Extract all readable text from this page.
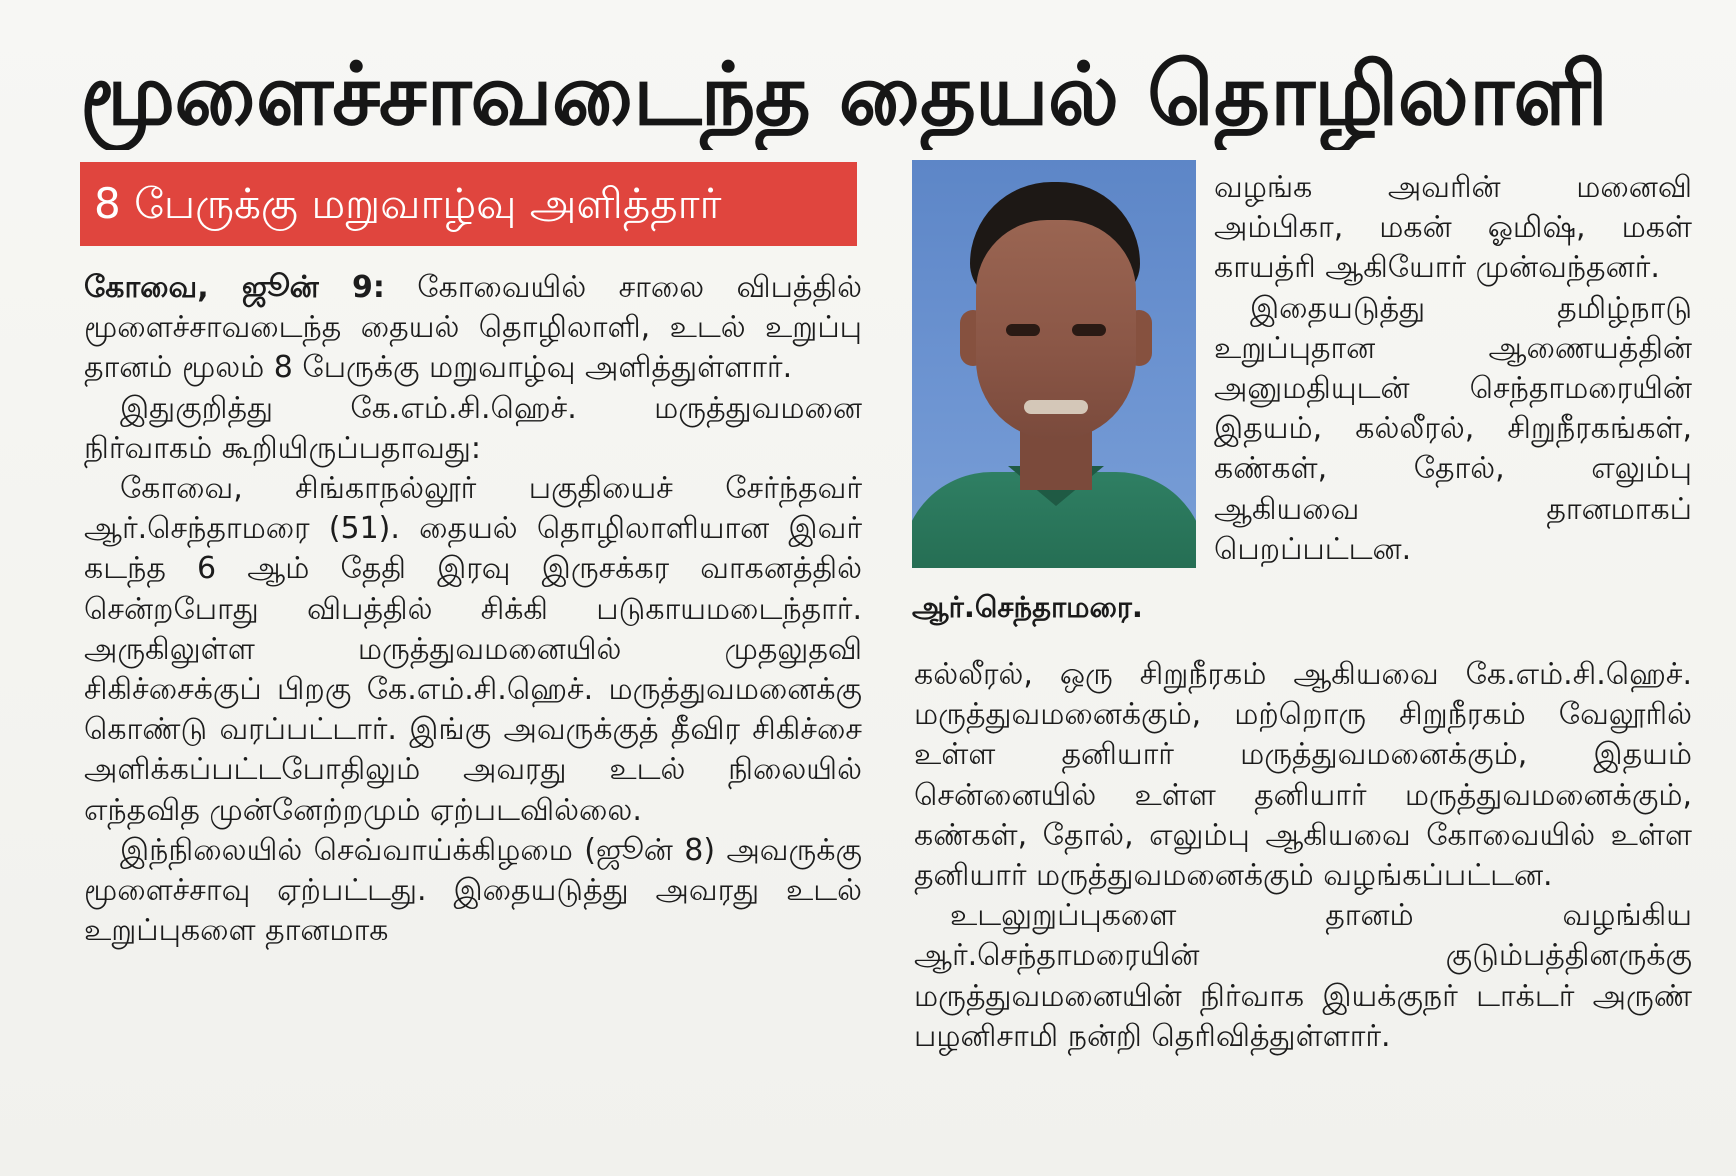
மூளைச்சாவடைந்த தையல் தொழிலாளி
8 பேருக்கு மறுவாழ்வு அளித்தார்

கோவை, ஜூன் 9: கோவையில் சாலை விபத்தில் மூளைச்சாவடைந்த தையல் தொழிலாளி, உடல் உறுப்பு தானம் மூலம் 8 பேருக்கு மறுவாழ்வு அளித்துள்ளார்.

இதுகுறித்து கே.எம்.சி.ஹெச். மருத்துவமனை நிர்வாகம் கூறியிருப்பதாவது:

கோவை, சிங்காநல்லூர் பகுதியைச் சேர்ந்தவர் ஆர்.செந்தாமரை (51). தையல் தொழிலாளியான இவர் கடந்த 6 ஆம் தேதி இரவு இருசக்கர வாகனத்தில் சென்றபோது விபத்தில் சிக்கி படுகாயமடைந்தார். அருகிலுள்ள மருத்துவமனையில் முதலுதவி சிகிச்சைக்குப் பிறகு கே.எம்.சி.ஹெச். மருத்துவமனைக்கு கொண்டு வரப்பட்டார். இங்கு அவருக்குத் தீவிர சிகிச்சை அளிக்கப்பட்டபோதிலும் அவரது உடல் நிலையில் எந்தவித முன்னேற்றமும் ஏற்படவில்லை.

இந்நிலையில் செவ்வாய்க்கிழமை (ஜூன் 8) அவருக்கு மூளைச்சாவு ஏற்பட்டது. இதையடுத்து அவரது உடல் உறுப்புகளை தானமாக

ஆர்.செந்தாமரை.

வழங்க அவரின் மனைவி அம்பிகா, மகன் ஓமிஷ், மகள் காயத்ரி ஆகியோர் முன்வந்தனர்.

இதையடுத்து தமிழ்நாடு உறுப்புதான ஆணையத்தின் அனுமதியுடன் செந்தாமரையின் இதயம், கல்லீரல், சிறுநீரகங்கள், கண்கள், தோல், எலும்பு ஆகியவை தானமாகப் பெறப்பட்டன.

கல்லீரல், ஒரு சிறுநீரகம் ஆகியவை கே.எம்.சி.ஹெச். மருத்துவமனைக்கும், மற்றொரு சிறுநீரகம் வேலூரில் உள்ள தனியார் மருத்துவமனைக்கும், இதயம் சென்னையில் உள்ள தனியார் மருத்துவமனைக்கும், கண்கள், தோல், எலும்பு ஆகியவை கோவையில் உள்ள தனியார் மருத்துவமனைக்கும் வழங்கப்பட்டன.

உடலுறுப்புகளை தானம் வழங்கிய ஆர்.செந்தாமரையின் குடும்பத்தினருக்கு மருத்துவமனையின் நிர்வாக இயக்குநர் டாக்டர் அருண் பழனிசாமி நன்றி தெரிவித்துள்ளார்.
